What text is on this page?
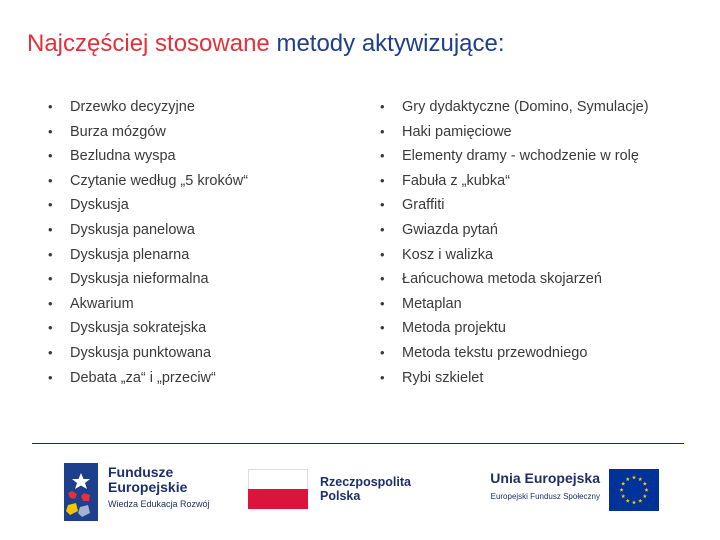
Najczęściej stosowane metody aktywizujące:
•	Drzewko decyzyjne
•	Burza mózgów
•	Bezludna wyspa
•	Czytanie według „5 kroków“
•	Dyskusja
•	Dyskusja panelowa
•	Dyskusja plenarna
•	Dyskusja nieformalna
•	Akwarium
•	Dyskusja sokratejska
•	Dyskusja punktowana
•	Debata „za“ i „przeciw“
•	Gry dydaktyczne (Domino, Symulacje)
•	Haki pamięciowe
•	Elementy dramy - wchodzenie w rolę
•	Fabuła z „kubka“
•	Graffiti
•	Gwiazda pytań
•	Kosz i walizka
•	Łańcuchowa metoda skojarzeń
•	Metaplan
•	Metoda projektu
•	Metoda tekstu przewodniego
•	Rybi szkielet
Fundusze
Europejskie
Wiedza Edukacja Rozwój
Rzeczpospolita
Polska
Unia Europejska
Europejski Fundusz Społeczny
